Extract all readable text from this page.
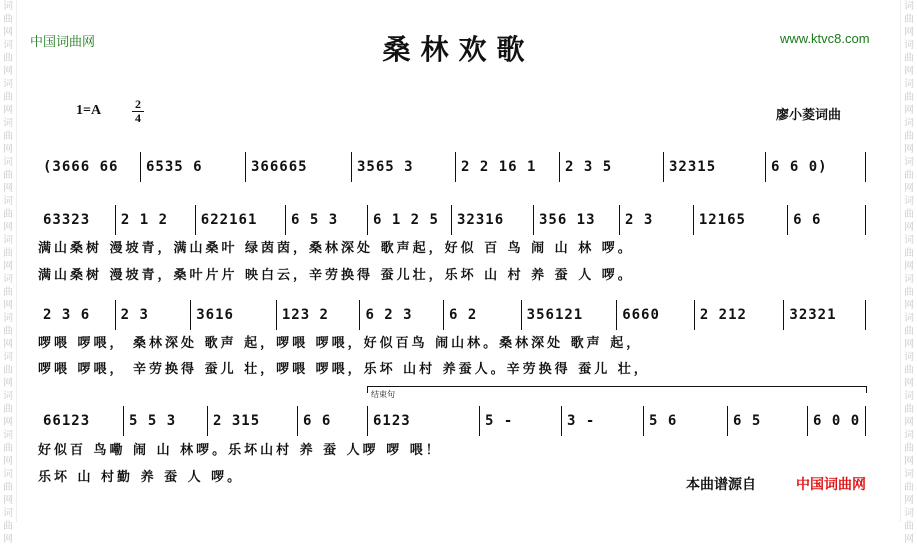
词曲网词曲网词曲网词曲网词曲网词曲网词曲网词曲网词曲网词曲网词曲网词曲网词曲网词曲网
词曲网词曲网词曲网词曲网词曲网词曲网词曲网词曲网词曲网词曲网词曲网词曲网词曲网词曲网
中国词曲网	www.ktvc8.com
桑林欢歌
1=A	2
4	廖小菱词曲
(3666 66	6535 6	366665	3565 3	2 2 16 1	2 3 5	32315	6 6 0)
63323	2 1 2	622161	6 5 3	6 1 2 5	32316	356 13	2 3	12165	6 6
2 3 6	2 3	3616	123 2	6 2 3	6 2	356121	6660	2 212	32321
66123	5 5 3	2 315	6 6	6123	5 -	3 -	5 6	6 5	6 0 0
满山桑树 漫坡青，满山桑叶 绿茵茵，桑林深处 歌声起，好似 百 鸟 闹 山 林 啰。
满山桑树 漫坡青，桑叶片片 映白云，辛劳换得 蚕儿壮，乐坏 山 村 养 蚕 人 啰。
啰喂 啰喂， 桑林深处 歌声 起，啰喂 啰喂，好似百鸟 闹山林。桑林深处 歌声 起，
啰喂 啰喂， 辛劳换得 蚕儿 壮，啰喂 啰喂，乐坏 山村 养蚕人。辛劳换得 蚕儿 壮，
好似百 鸟嘞 闹 山 林啰。乐坏山村 养 蚕 人啰 啰 喂！
乐坏 山 村勤 养 蚕 人 啰。
结束句
本曲谱源自	中国词曲网
